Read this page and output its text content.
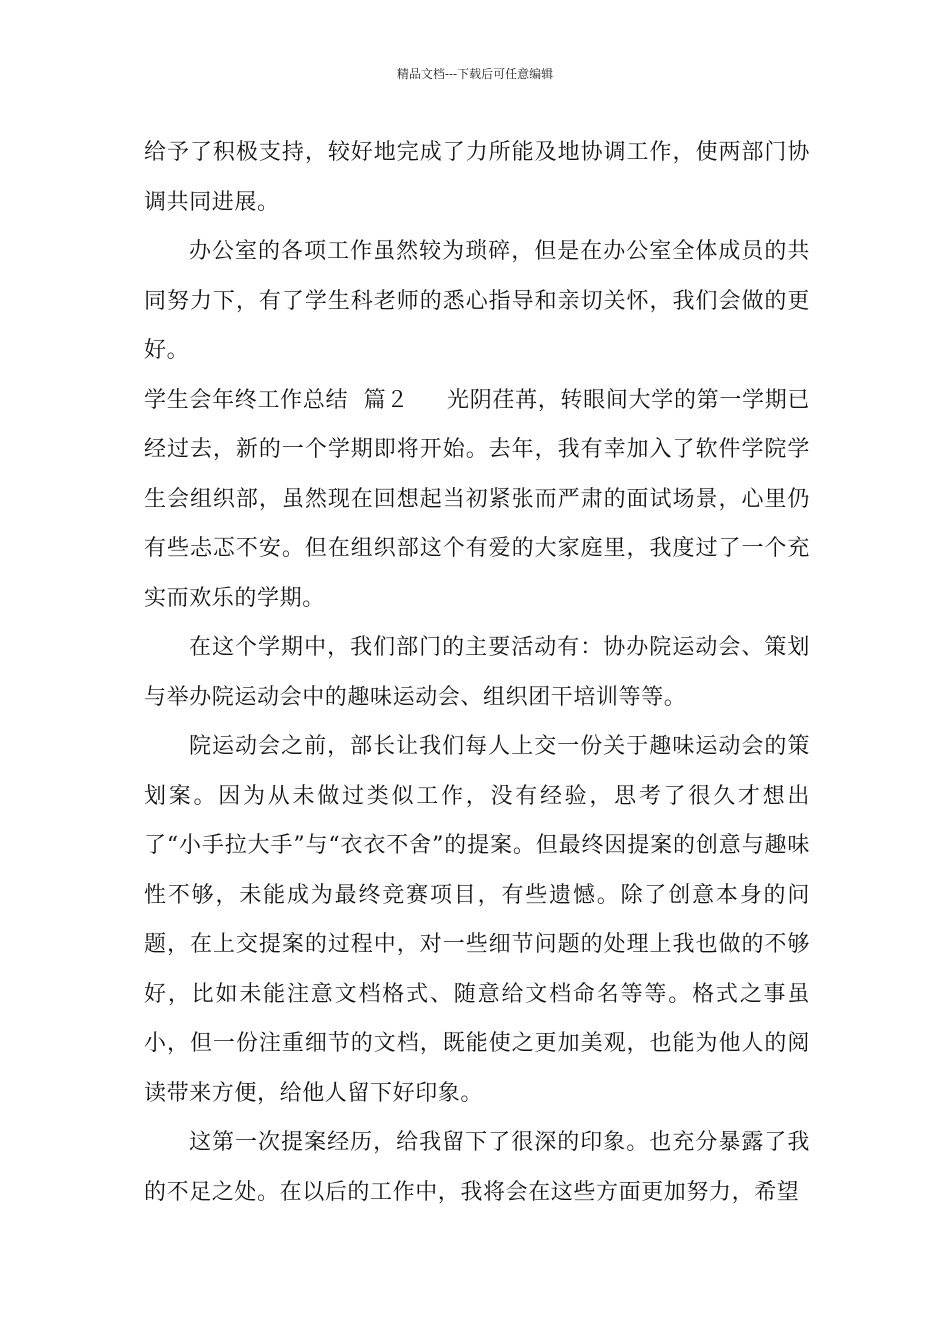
精品文档---下载后可任意编辑

给予了积极支持，较好地完成了力所能及地协调工作，使两部门协调共同进展。

办公室的各项工作虽然较为琐碎，但是在办公室全体成员的共同努力下，有了学生科老师的悉心指导和亲切关怀，我们会做的更好。

学生会年终工作总结  篇２ 光阴荏苒，转眼间大学的第一学期已经过去，新的一个学期即将开始。去年，我有幸加入了软件学院学生会组织部，虽然现在回想起当初紧张而严肃的面试场景，心里仍有些忐忑不安。但在组织部这个有爱的大家庭里，我度过了一个充实而欢乐的学期。

在这个学期中，我们部门的主要活动有：协办院运动会、策划与举办院运动会中的趣味运动会、组织团干培训等等。

院运动会之前，部长让我们每人上交一份关于趣味运动会的策划案。因为从未做过类似工作，没有经验，思考了很久才想出了“小手拉大手”与“衣衣不舍”的提案。但最终因提案的创意与趣味性不够，未能成为最终竞赛项目，有些遗憾。除了创意本身的问题，在上交提案的过程中，对一些细节问题的处理上我也做的不够好，比如未能注意文档格式、随意给文档命名等等。格式之事虽小，但一份注重细节的文档，既能使之更加美观，也能为他人的阅读带来方便，给他人留下好印象。

这第一次提案经历，给我留下了很深的印象。也充分暴露了我的不足之处。在以后的工作中，我将会在这些方面更加努力，希望
